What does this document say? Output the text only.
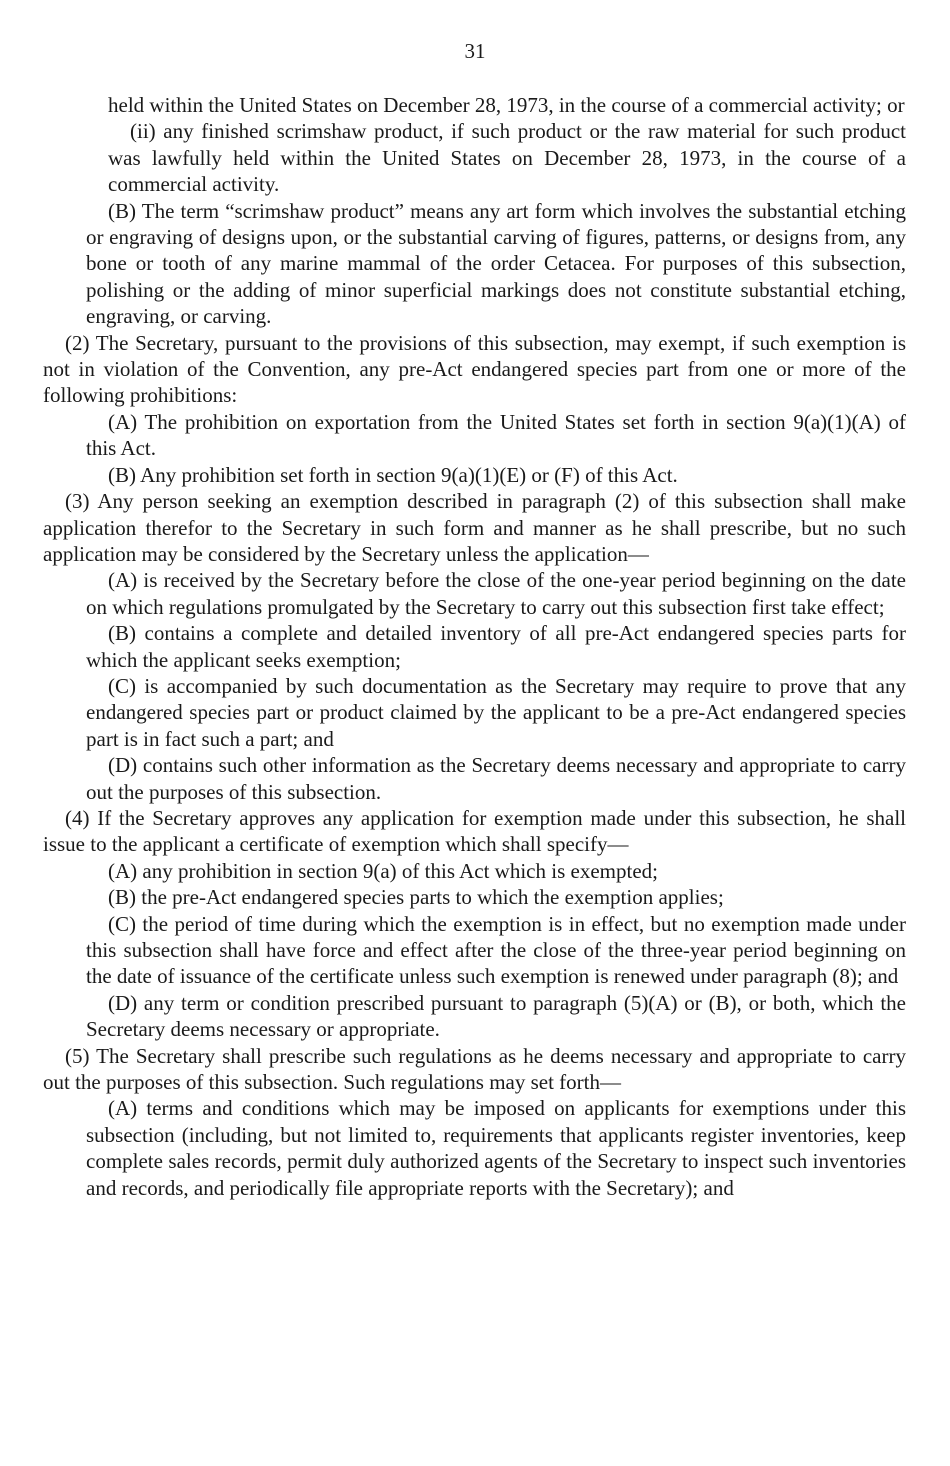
31

held within the United States on December 28, 1973, in the course of a commercial activity; or

(ii) any finished scrimshaw product, if such product or the raw material for such product was lawfully held within the United States on December 28, 1973, in the course of a commercial activity.

(B) The term “scrimshaw product” means any art form which involves the substantial etching or engraving of designs upon, or the substantial carving of figures, patterns, or designs from, any bone or tooth of any marine mammal of the order Cetacea. For purposes of this subsection, polishing or the adding of minor superficial markings does not constitute substantial etching, engraving, or carving.

(2) The Secretary, pursuant to the provisions of this subsection, may exempt, if such exemption is not in violation of the Convention, any pre-Act endangered species part from one or more of the following prohibitions:

(A) The prohibition on exportation from the United States set forth in section 9(a)(1)(A) of this Act.

(B) Any prohibition set forth in section 9(a)(1)(E) or (F) of this Act.

(3) Any person seeking an exemption described in paragraph (2) of this subsection shall make application therefor to the Secretary in such form and manner as he shall prescribe, but no such application may be considered by the Secretary unless the application—

(A) is received by the Secretary before the close of the one-year period beginning on the date on which regulations promulgated by the Secretary to carry out this subsection first take effect;

(B) contains a complete and detailed inventory of all pre-Act endangered species parts for which the applicant seeks exemption;

(C) is accompanied by such documentation as the Secretary may require to prove that any endangered species part or product claimed by the applicant to be a pre-Act endangered species part is in fact such a part; and

(D) contains such other information as the Secretary deems necessary and appropriate to carry out the purposes of this subsection.

(4) If the Secretary approves any application for exemption made under this subsection, he shall issue to the applicant a certificate of exemption which shall specify—

(A) any prohibition in section 9(a) of this Act which is exempted;

(B) the pre-Act endangered species parts to which the exemption applies;

(C) the period of time during which the exemption is in effect, but no exemption made under this subsection shall have force and effect after the close of the three-year period beginning on the date of issuance of the certificate unless such exemption is renewed under paragraph (8); and

(D) any term or condition prescribed pursuant to paragraph (5)(A) or (B), or both, which the Secretary deems necessary or appropriate.

(5) The Secretary shall prescribe such regulations as he deems necessary and appropriate to carry out the purposes of this subsection. Such regulations may set forth—

(A) terms and conditions which may be imposed on applicants for exemptions under this subsection (including, but not limited to, requirements that applicants register inventories, keep complete sales records, permit duly authorized agents of the Secretary to inspect such inventories and records, and periodically file appropriate reports with the Secretary); and
